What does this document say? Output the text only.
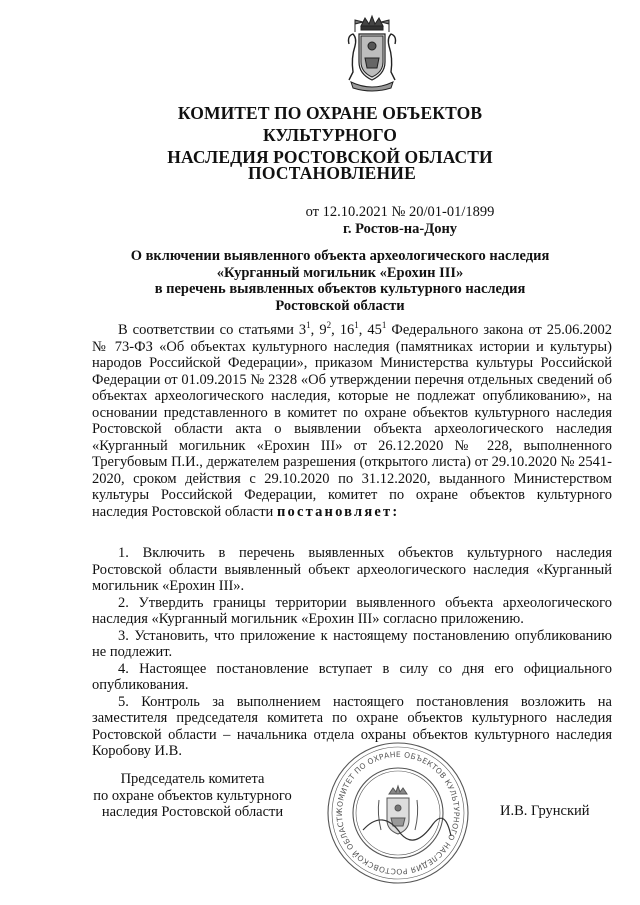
КОМИТЕТ ПО ОХРАНЕ ОБЪЕКТОВ КУЛЬТУРНОГО
НАСЛЕДИЯ РОСТОВСКОЙ ОБЛАСТИ
ПОСТАНОВЛЕНИЕ
от 12.10.2021 № 20/01-01/1899
г. Ростов-на-Дону
О включении выявленного объекта археологического наследия
«Курганный могильник «Ерохин III»
в перечень выявленных объектов культурного наследия
Ростовской области
В соответствии со статьями $3^1$, $9^2$, $16^1$, $45^1$ Федерального закона от 25.06.2002 № 73-ФЗ «Об объектах культурного наследия (памятниках истории и культуры) народов Российской Федерации», приказом Министерства культуры Российской Федерации от 01.09.2015 № 2328 «Об утверждении перечня отдельных сведений об объектах археологического наследия, которые не подлежат опубликованию», на основании представленного в комитет по охране объектов культурного наследия Ростовской области акта о выявлении объекта археологического наследия «Курганный могильник «Ерохин III» от 26.12.2020 № 228, выполненного Трегубовым П.И., держателем разрешения (открытого листа) от 29.10.2020 № 2541-2020, сроком действия с 29.10.2020 по 31.12.2020, выданного Министерством культуры Российской Федерации, комитет по охране объектов культурного наследия Ростовской области постановляет:
1. Включить в перечень выявленных объектов культурного наследия Ростовской области выявленный объект археологического наследия «Курганный могильник «Ерохин III».
2. Утвердить границы территории выявленного объекта археологического наследия «Курганный могильник «Ерохин III» согласно приложению.
3. Установить, что приложение к настоящему постановлению опубликованию не подлежит.
4. Настоящее постановление вступает в силу со дня его официального опубликования.
5. Контроль за выполнением настоящего постановления возложить на заместителя председателя комитета по охране объектов культурного наследия Ростовской области – начальника отдела охраны объектов культурного наследия Коробову И.В.
Председатель комитета
по охране объектов культурного
наследия Ростовской области	КОМИТЕТ ПО ОХРАНЕ ОБЪЕКТОВ КУЛЬТУРНОГО НАСЛЕДИЯ РОСТОВСКОЙ ОБЛАСТИ	И.В. Грунский
